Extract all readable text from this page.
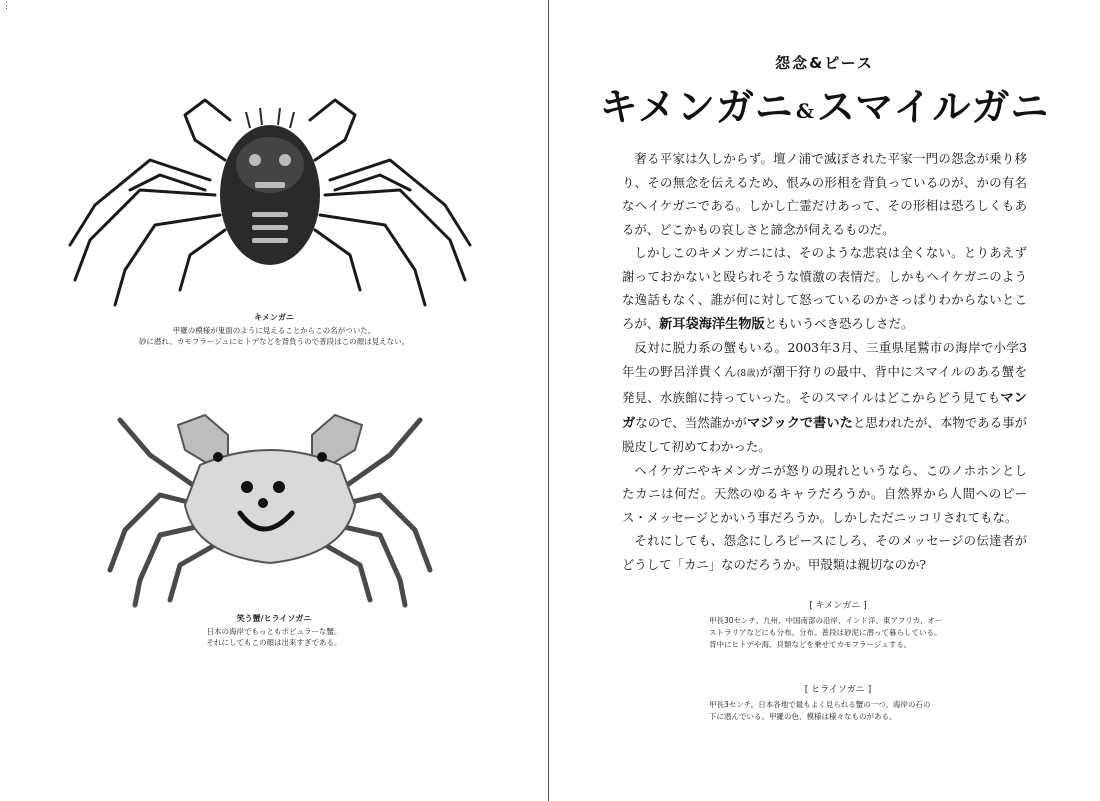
⋮
キメンガニ
甲羅の模様が鬼面のように見えることからこの名がついた。
砂に潜れ、カモフラージュにヒトデなどを背負うので普段はこの顔は見えない。
笑う蟹/ヒライソガニ
日本の海岸でもっともポピュラーな蟹。
それにしてもこの顔は出来すぎである。
怨念&ピース
キメンガニ &スマイルガニ

奢る平家は久しからず。壇ノ浦で滅ぼされた平家一門の怨念が乗り移り、その無念を伝えるため、恨みの形相を背負っているのが、かの有名なヘイケガニである。しかし亡霊だけあって、その形相は恐ろしくもあるが、どこかもの哀しさと諦念が伺えるものだ。

しかしこのキメンガニには、そのような悲哀は全くない。とりあえず謝っておかないと殴られそうな憤激の表情だ。しかもヘイケガニのような逸話もなく、誰が何に対して怒っているのかさっぱりわからないところが、新耳袋海洋生物版ともいうべき恐ろしさだ。

反対に脱力系の蟹もいる。2003年3月、三重県尾鷲市の海岸で小学3年生の野呂洋貴くん(8歳)が潮干狩りの最中、背中にスマイルのある蟹を発見、水族館に持っていった。そのスマイルはどこからどう見てもマンガなので、当然誰かがマジックで書いたと思われたが、本物である事が脱皮して初めてわかった。

ヘイケガニやキメンガニが怒りの現れというなら、このノホホンとしたカニは何だ。天然のゆるキャラだろうか。自然界から人間へのピース・メッセージとかいう事だろうか。しかしただニッコリされてもな。

それにしても、怨念にしろピースにしろ、そのメッセージの伝達者がどうして「カニ」なのだろうか。甲殻類は親切なのか?

[ キメンガニ ]
甲長30センチ。九州、中国南部の沿岸、インド洋、東アフリカ、オー
ストラリアなどにも分布。分布。普段は砂泥に潜って暮らしている。
背中にヒトデや海、貝類などを乗せてカモフラージュする。
[ ヒライソガニ ]
甲長3センチ。日本各地で最もよく見られる蟹の一つ。海岸の石の
下に潜んでいる。甲羅の色、模様は様々なものがある。
